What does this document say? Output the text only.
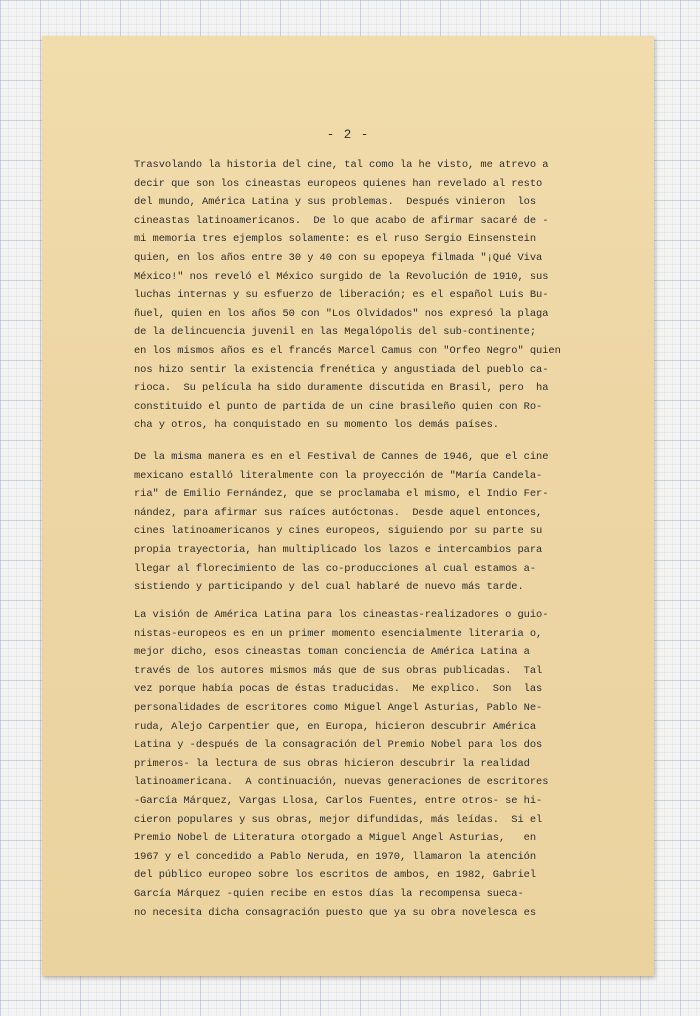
- 2 -
Trasvolando la historia del cine, tal como la he visto, me atrevo a
decir que son los cineastas europeos quienes han revelado al resto
del mundo, América Latina y sus problemas.  Después vinieron  los
cineastas latinoamericanos.  De lo que acabo de afirmar sacaré de -
mi memoria tres ejemplos solamente: es el ruso Sergio Einsenstein
quien, en los años entre 30 y 40 con su epopeya filmada "¡Qué Viva
México!" nos reveló el México surgido de la Revolución de 1910, sus
luchas internas y su esfuerzo de liberación; es el español Luis Bu-
ñuel, quien en los años 50 con "Los Olvidados" nos expresó la plaga
de la delincuencia juvenil en las Megalópolis del sub-continente;
en los mismos años es el francés Marcel Camus con "Orfeo Negro" quien
nos hizo sentir la existencia frenética y angustiada del pueblo ca-
rioca.  Su película ha sido duramente discutida en Brasil, pero  ha
constituido el punto de partida de un cine brasileño quien con Ro-
cha y otros, ha conquistado en su momento los demás países.
De la misma manera es en el Festival de Cannes de 1946, que el cine
mexicano estalló literalmente con la proyección de "María Candela-
ria" de Emilio Fernández, que se proclamaba el mismo, el Indio Fer-
nández, para afirmar sus raíces autóctonas.  Desde aquel entonces,
cines latinoamericanos y cines europeos, siguiendo por su parte su
propia trayectoria, han multiplicado los lazos e intercambios para
llegar al florecimiento de las co-producciones al cual estamos a-
sistiendo y participando y del cual hablaré de nuevo más tarde.
La visión de América Latina para los cineastas-realizadores o guio-
nistas-europeos es en un primer momento esencialmente literaria o,
mejor dicho, esos cineastas toman conciencia de América Latina a
través de los autores mismos más que de sus obras publicadas.  Tal
vez porque había pocas de éstas traducidas.  Me explico.  Son  las
personalidades de escritores como Miguel Angel Asturias, Pablo Ne-
ruda, Alejo Carpentier que, en Europa, hicieron descubrir América
Latina y -después de la consagración del Premio Nobel para los dos
primeros- la lectura de sus obras hicieron descubrir la realidad
latinoamericana.  A continuación, nuevas generaciones de escritores
-García Márquez, Vargas Llosa, Carlos Fuentes, entre otros- se hi-
cieron populares y sus obras, mejor difundidas, más leídas.  Si el
Premio Nobel de Literatura otorgado a Miguel Angel Asturias,   en
1967 y el concedido a Pablo Neruda, en 1970, llamaron la atención
del público europeo sobre los escritos de ambos, en 1982, Gabriel
García Márquez -quien recibe en estos días la recompensa sueca-
no necesita dicha consagración puesto que ya su obra novelesca es
